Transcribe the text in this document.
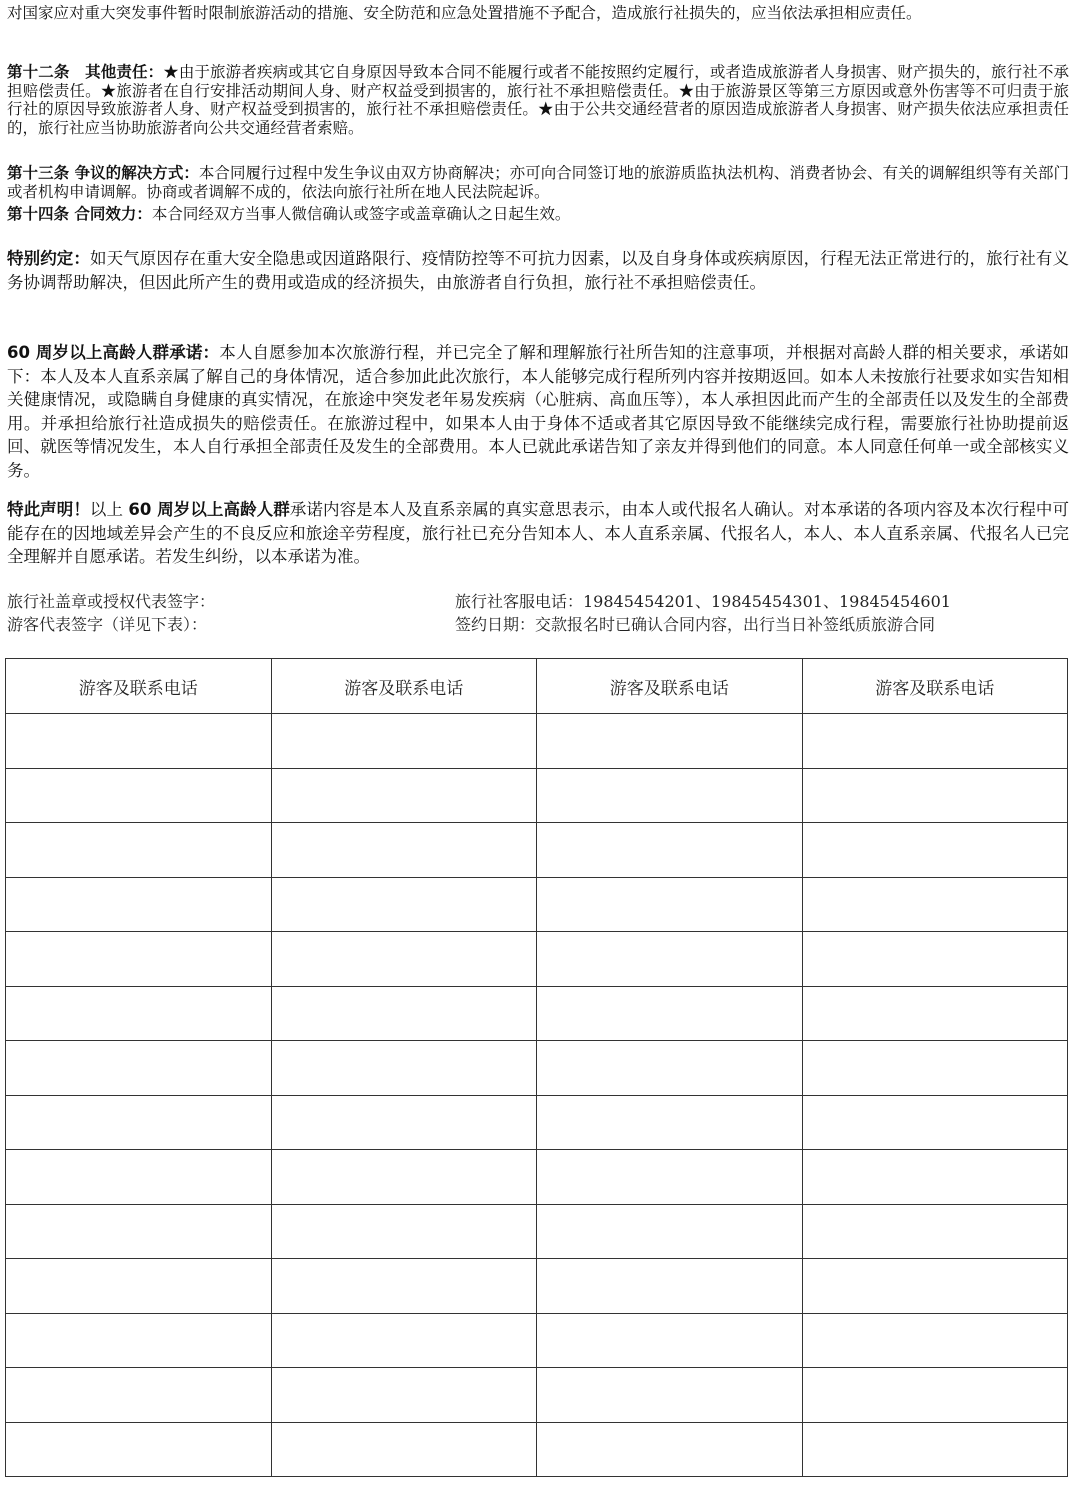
对国家应对重大突发事件暂时限制旅游活动的措施、安全防范和应急处置措施不予配合，造成旅行社损失的，应当依法承担相应责任。

第十二条　其他责任：★由于旅游者疾病或其它自身原因导致本合同不能履行或者不能按照约定履行，或者造成旅游者人身损害、财产损失的，旅行社不承担赔偿责任。★旅游者在自行安排活动期间人身、财产权益受到损害的，旅行社不承担赔偿责任。★由于旅游景区等第三方原因或意外伤害等不可归责于旅行社的原因导致旅游者人身、财产权益受到损害的，旅行社不承担赔偿责任。★由于公共交通经营者的原因造成旅游者人身损害、财产损失依法应承担责任的，旅行社应当协助旅游者向公共交通经营者索赔。

第十三条 争议的解决方式：本合同履行过程中发生争议由双方协商解决；亦可向合同签订地的旅游质监执法机构、消费者协会、有关的调解组织等有关部门或者机构申请调解。协商或者调解不成的，依法向旅行社所在地人民法院起诉。

第十四条 合同效力：本合同经双方当事人微信确认或签字或盖章确认之日起生效。

特别约定：如天气原因存在重大安全隐患或因道路限行、疫情防控等不可抗力因素，以及自身身体或疾病原因，行程无法正常进行的，旅行社有义务协调帮助解决，但因此所产生的费用或造成的经济损失，由旅游者自行负担，旅行社不承担赔偿责任。

60 周岁以上高龄人群承诺：本人自愿参加本次旅游行程，并已完全了解和理解旅行社所告知的注意事项，并根据对高龄人群的相关要求，承诺如下：本人及本人直系亲属了解自己的身体情况，适合参加此此次旅行，本人能够完成行程所列内容并按期返回。如本人未按旅行社要求如实告知相关健康情况，或隐瞒自身健康的真实情况，在旅途中突发老年易发疾病（心脏病、高血压等），本人承担因此而产生的全部责任以及发生的全部费用。并承担给旅行社造成损失的赔偿责任。在旅游过程中，如果本人由于身体不适或者其它原因导致不能继续完成行程，需要旅行社协助提前返回、就医等情况发生，本人自行承担全部责任及发生的全部费用。本人已就此承诺告知了亲友并得到他们的同意。本人同意任何单一或全部核实义务。

特此声明！以上 60 周岁以上高龄人群承诺内容是本人及直系亲属的真实意思表示，由本人或代报名人确认。对本承诺的各项内容及本次行程中可能存在的因地域差异会产生的不良反应和旅途辛劳程度，旅行社已充分告知本人、本人直系亲属、代报名人，本人、本人直系亲属、代报名人已完全理解并自愿承诺。若发生纠纷，以本承诺为准。

旅行社盖章或授权代表签字：
游客代表签字（详见下表）：
旅行社客服电话：19845454201、19845454301、19845454601
签约日期：交款报名时已确认合同内容，出行当日补签纸质旅游合同
游客及联系电话	游客及联系电话	游客及联系电话	游客及联系电话
